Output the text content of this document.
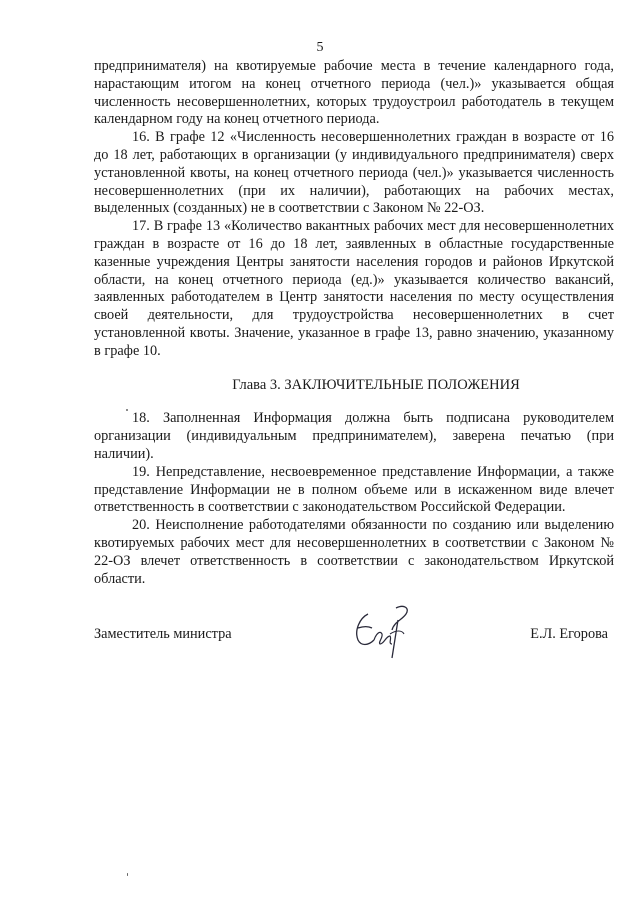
5

предпринимателя) на квотируемые рабочие места в течение календарного года, нарастающим итогом на конец отчетного периода (чел.)» указывается общая численность несовершеннолетних, которых трудоустроил работодатель в текущем календарном году на конец отчетного периода.

16. В графе 12 «Численность несовершеннолетних граждан в возрасте от 16 до 18 лет, работающих в организации (у индивидуального предпринимателя) сверх установленной квоты, на конец отчетного периода (чел.)» указывается численность несовершеннолетних (при их наличии), работающих на рабочих местах, выделенных (созданных) не в соответствии с Законом № 22-ОЗ.

17. В графе 13 «Количество вакантных рабочих мест для несовершеннолетних граждан в возрасте от 16 до 18 лет, заявленных в областные государственные казенные учреждения Центры занятости населения городов и районов Иркутской области, на конец отчетного периода (ед.)» указывается количество вакансий, заявленных работодателем в Центр занятости населения по месту осуществления своей деятельности, для трудоустройства несовершеннолетних в счет установленной квоты. Значение, указанное в графе 13, равно значению, указанному в графе 10.

Глава 3. ЗАКЛЮЧИТЕЛЬНЫЕ ПОЛОЖЕНИЯ

18. Заполненная Информация должна быть подписана руководителем организации (индивидуальным предпринимателем), заверена печатью (при наличии).

19. Непредставление, несвоевременное представление Информации, а также представление Информации не в полном объеме или в искаженном виде влечет ответственность в соответствии с законодательством Российской Федерации.

20. Неисполнение работодателями обязанности по созданию или выделению квотируемых рабочих мест для несовершеннолетних в соответствии с Законом № 22-ОЗ влечет ответственность в соответствии с законодательством Иркутской области.

Заместитель министра	Е.Л. Егорова
